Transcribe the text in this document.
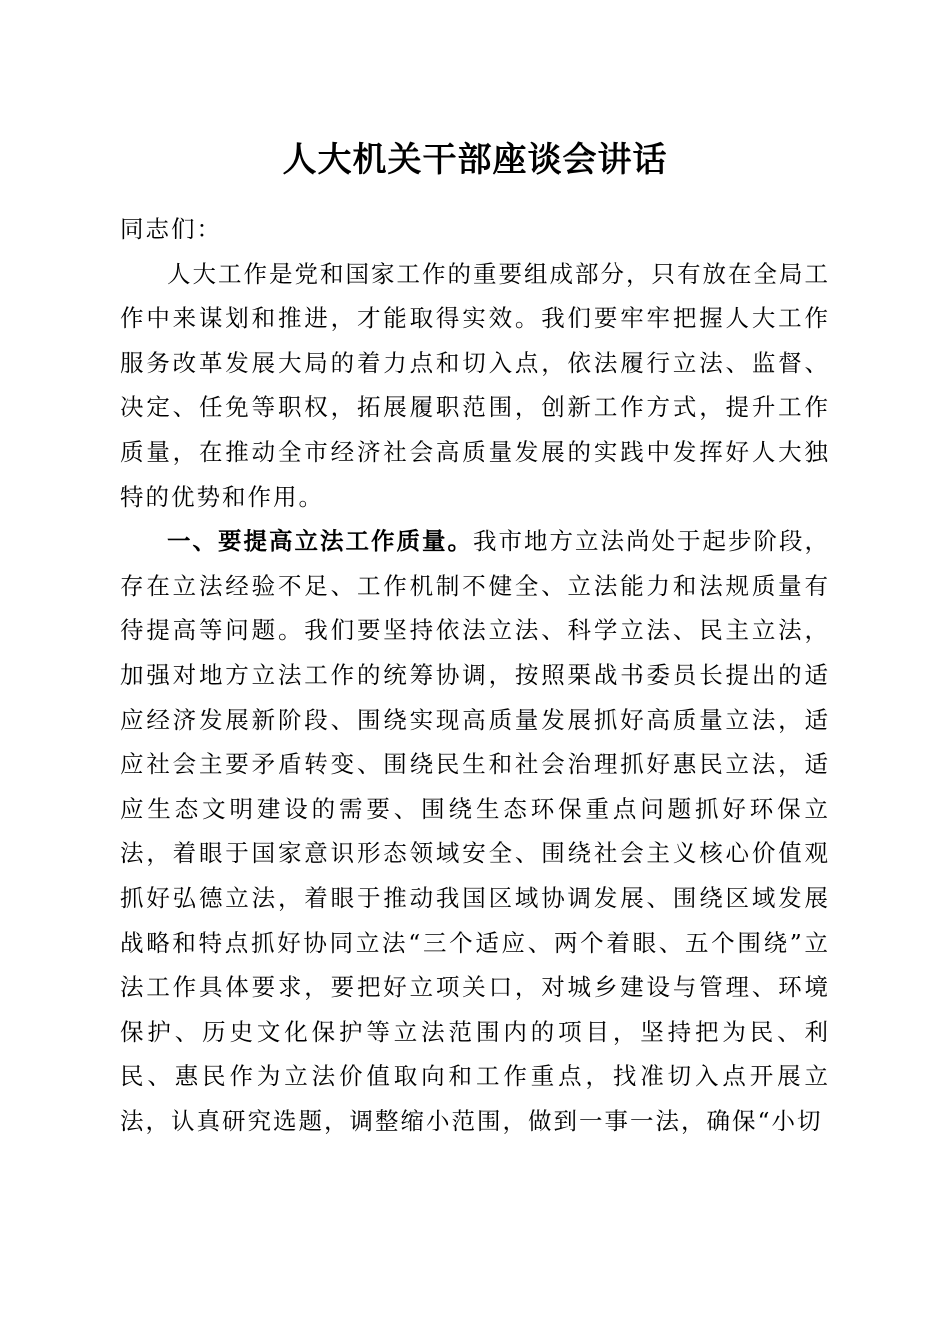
人大机关干部座谈会讲话

同志们：

人大工作是党和国家工作的重要组成部分，只有放在全局工作中来谋划和推进，才能取得实效。我们要牢牢把握人大工作服务改革发展大局的着力点和切入点，依法履行立法、监督、决定、任免等职权，拓展履职范围，创新工作方式，提升工作质量，在推动全市经济社会高质量发展的实践中发挥好人大独特的优势和作用。

一、要提高立法工作质量。我市地方立法尚处于起步阶段，存在立法经验不足、工作机制不健全、立法能力和法规质量有待提高等问题。我们要坚持依法立法、科学立法、民主立法，加强对地方立法工作的统筹协调，按照栗战书委员长提出的适应经济发展新阶段、围绕实现高质量发展抓好高质量立法，适应社会主要矛盾转变、围绕民生和社会治理抓好惠民立法，适应生态文明建设的需要、围绕生态环保重点问题抓好环保立法，着眼于国家意识形态领域安全、围绕社会主义核心价值观抓好弘德立法，着眼于推动我国区域协调发展、围绕区域发展战略和特点抓好协同立法“三个适应、两个着眼、五个围绕”立法工作具体要求，要把好立项关口，对城乡建设与管理、环境保护、历史文化保护等立法范围内的项目，坚持把为民、利民、惠民作为立法价值取向和工作重点，找准切入点开展立法，认真研究选题，调整缩小范围，做到一事一法，确保“小切
